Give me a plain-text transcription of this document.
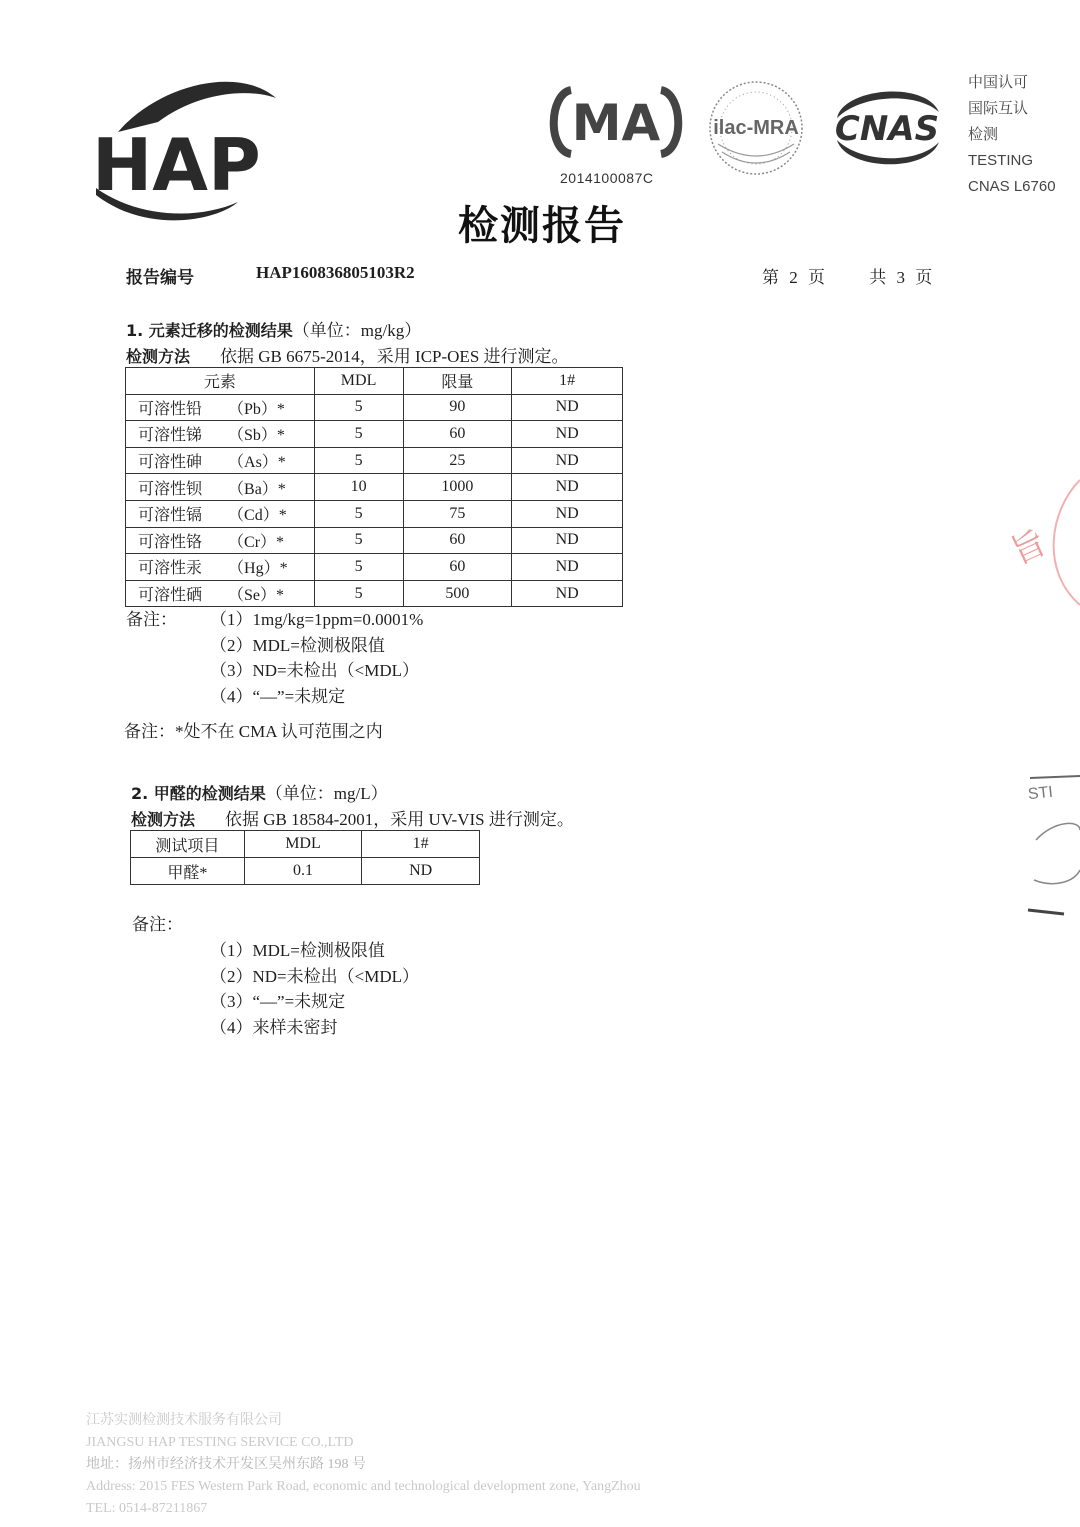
HAP	MA
2014100087C
ilac-MRA CNAS
中国认可
国际互认
检测
TESTING
CNAS L6760
检测报告
报告编号	HAP160836805103R2	第 2 页	共 3 页
1. 元素迁移的检测结果（单位：mg/kg）
检测方法 依据 GB 6675-2014，采用 ICP-OES 进行测定。
元素	MDL	限量	1#
可溶性铅 （Pb）*	5	90	ND
可溶性锑 （Sb）*	5	60	ND
可溶性砷 （As）*	5	25	ND
可溶性钡 （Ba）*	10	1000	ND
可溶性镉 （Cd）*	5	75	ND
可溶性铬 （Cr）*	5	60	ND
可溶性汞 （Hg）*	5	60	ND
可溶性硒 （Se）*	5	500	ND
备注： （1）1mg/kg=1ppm=0.0001%
（2）MDL=检测极限值
（3）ND=未检出（<MDL）
（4）“—”=未规定
备注：*处不在 CMA 认可范围之内
2. 甲醛的检测结果（单位：mg/L）
检测方法 依据 GB 18584-2001，采用 UV-VIS 进行测定。
测试项目	MDL	1#
甲醛*	0.1	ND
备注：
（1）MDL=检测极限值
（2）ND=未检出（<MDL）
（3）“—”=未规定
（4）来样未密封
旨
STI
江苏实测检测技术服务有限公司
JIANGSU HAP TESTING SERVICE CO.,LTD
地址：扬州市经济技术开发区吴州东路 198 号
Address: 2015 FES Western Park Road, economic and technological development zone, YangZhou
TEL: 0514-87211867
